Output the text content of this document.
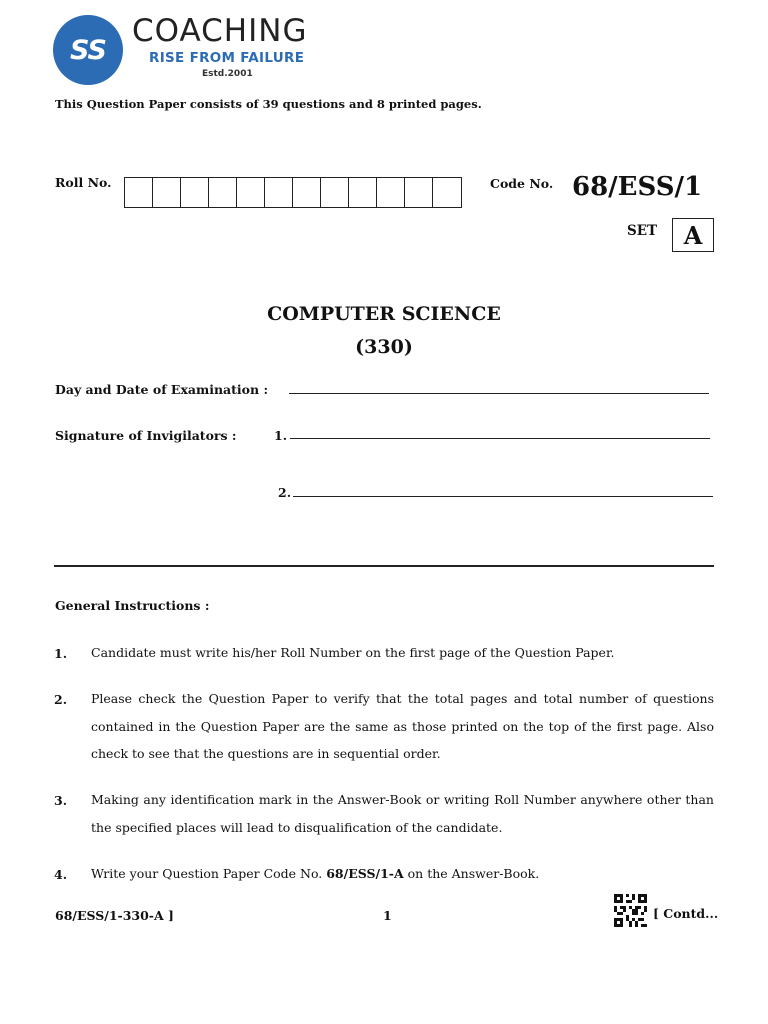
SS
COACHING
RISE FROM FAILURE
Estd.2001
This Question Paper consists of 39 questions and 8 printed pages.
Roll No.	Code No. 68/ESS/1
SET	A
COMPUTER SCIENCE
(330)
Day and Date of Examination :
Signature of Invigilators :	1.
2.
General Instructions :
1. Candidate must write his/her Roll Number on the first page of the Question Paper.
2. Please check the Question Paper to verify that the total pages and total number of questions contained in the Question Paper are the same as those printed on the top of the first page. Also check to see that the questions are in sequential order.
3. Making any identification mark in the Answer-Book or writing Roll Number anywhere other than the specified places will lead to disqualification of the candidate.
4. Write your Question Paper Code No. 68/ESS/1-A on the Answer-Book.
68/ESS/1-330-A ]	1	[ Contd...
